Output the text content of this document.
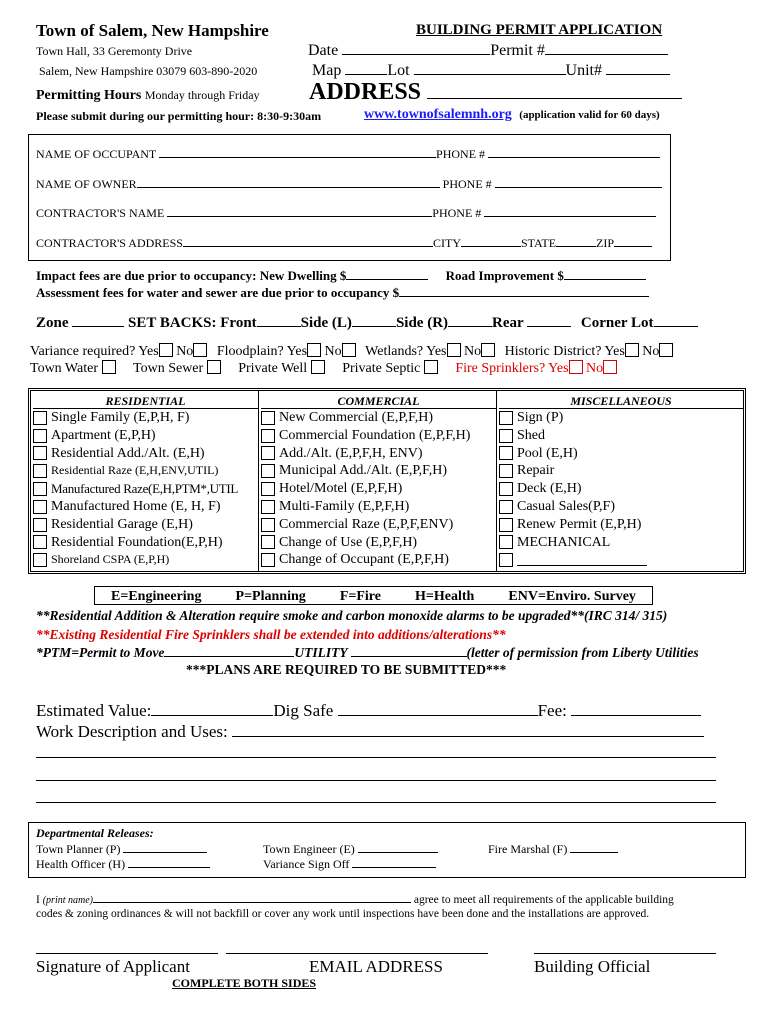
Town of Salem, New Hampshire
Town Hall, 33 Geremonty Drive
Salem, New Hampshire 03079 603-890-2020
Permitting Hours Monday through Friday
Please submit during our permitting hour: 8:30-9:30am
BUILDING PERMIT APPLICATION
Date	Permit #
Map	Lot	Unit#
ADDRESS
www.townofsalemnh.org (application valid for 60 days)
NAME OF OCCUPANT	PHONE #
NAME OF OWNER	PHONE #
CONTRACTOR'S NAME	PHONE #
CONTRACTOR'S ADDRESS	CITY	STATE	ZIP
Impact fees are due prior to occupancy: New Dwelling $	Road Improvement $
Assessment fees for water and sewer are due prior to occupancy $
Zone	SET BACKS: Front	Side (L)	Side (R)	Rear	Corner Lot
Variance required? Yes No Floodplain? Yes No Wetlands? Yes No Historic District? Yes No
Town Water	Town Sewer	Private Well	Private Septic	Fire Sprinklers? Yes No
RESIDENTIAL
Single Family (E,P,H, F)
Apartment (E,P,H)
Residential Add./Alt. (E,H)
Residential Raze (E,H,ENV,UTIL)
Manufactured Raze(E,H,PTM*,UTIL
Manufactured Home (E, H, F)
Residential Garage (E,H)
Residential Foundation(E,P,H)
Shoreland CSPA (E,P,H)
COMMERCIAL
New Commercial (E,P,F,H)
Commercial Foundation (E,P,F,H)
Add./Alt. (E,P,F,H, ENV)
Municipal Add./Alt. (E,P,F,H)
Hotel/Motel (E,P,F,H)
Multi-Family (E,P,F,H)
Commercial Raze (E,P,F,ENV)
Change of Use (E,P,F,H)
Change of Occupant (E,P,F,H)
MISCELLANEOUS
Sign (P)
Shed
Pool (E,H)
Repair
Deck (E,H)
Casual Sales(P,F)
Renew Permit (E,P,H)
MECHANICAL
E=Engineering P=Planning F=Fire H=Health ENV=Enviro. Survey
**Residential Addition & Alteration require smoke and carbon monoxide alarms to be upgraded**(IRC 314/ 315)
**Existing Residential Fire Sprinklers shall be extended into additions/alterations**
*PTM=Permit to Move	UTILITY	(letter of permission from Liberty Utilities
***PLANS ARE REQUIRED TO BE SUBMITTED***
Estimated Value:	Dig Safe	Fee:
Work Description and Uses:
Departmental Releases:
Town Planner (P)
Health Officer (H)
Town Engineer (E)
Variance Sign Off
Fire Marshal (F)
I (print name)	agree to meet all requirements of the applicable building
codes & zoning ordinances & will not backfill or cover any work until inspections have been done and the installations are approved.
Signature of Applicant	EMAIL ADDRESS	Building Official
COMPLETE BOTH SIDES
